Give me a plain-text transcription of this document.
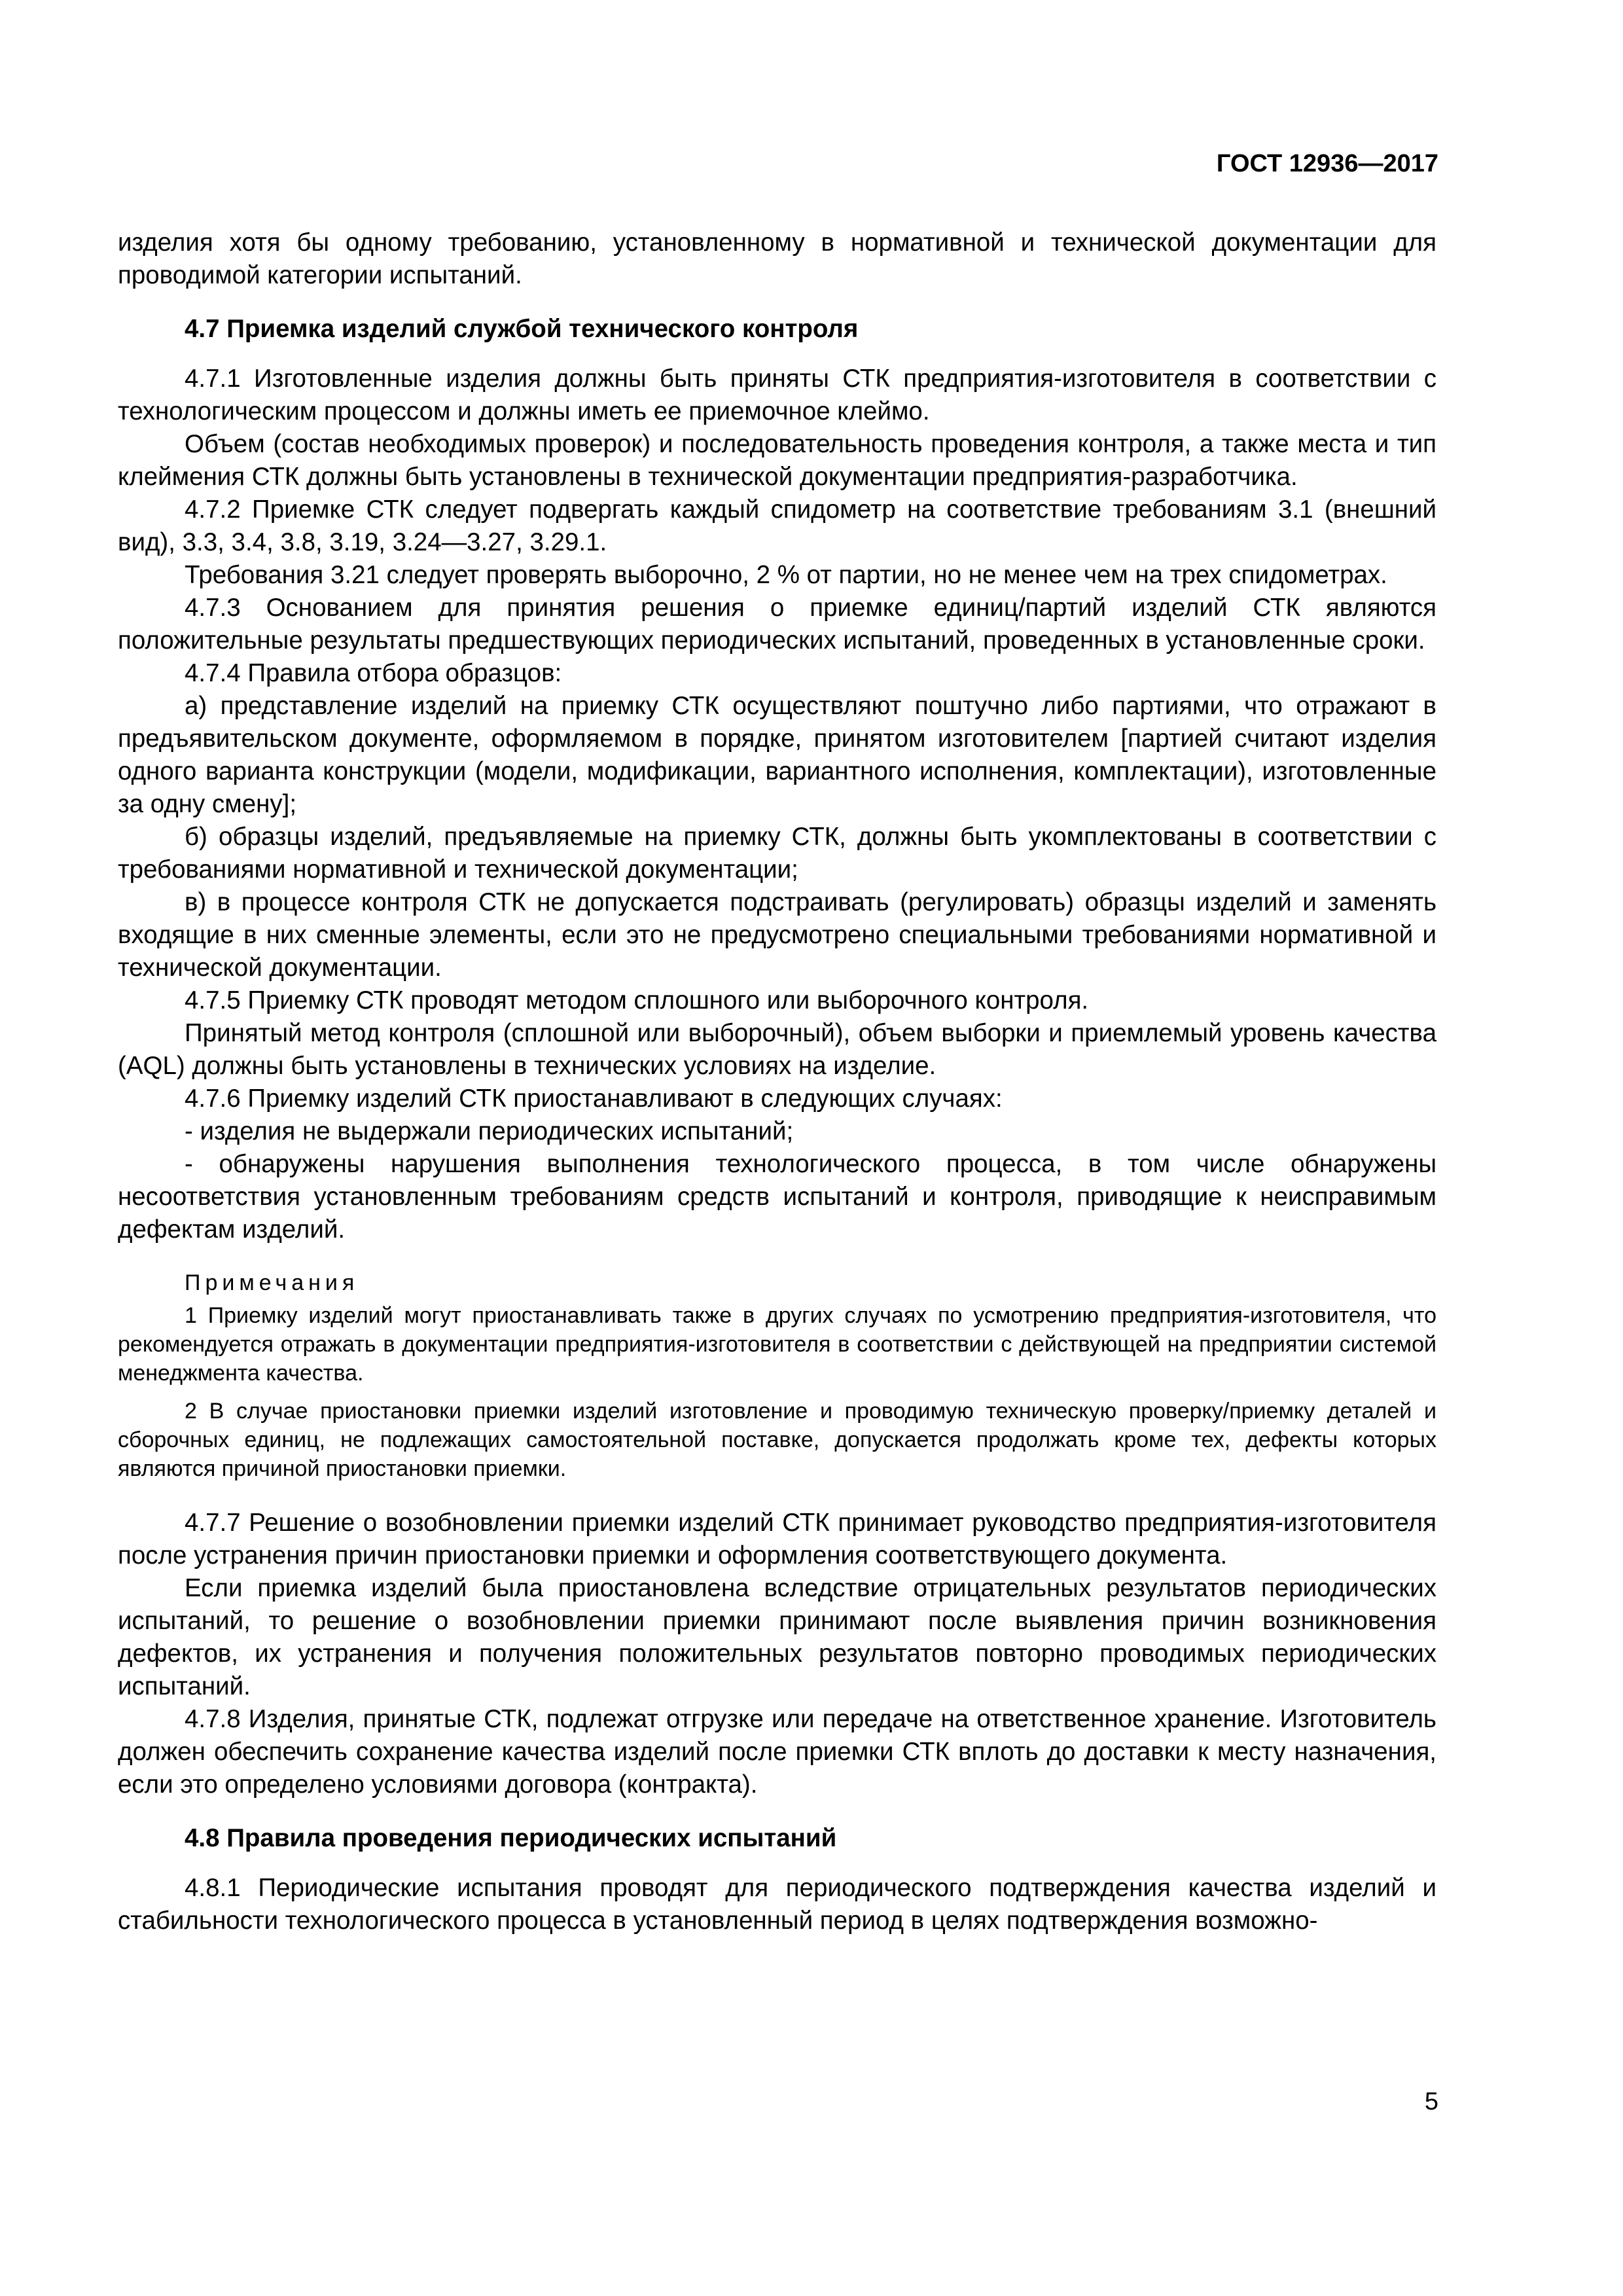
ГОСТ 12936—2017

изделия хотя бы одному требованию, установленному в нормативной и технической документации для проводимой категории испытаний.

4.7 Приемка изделий службой технического контроля

4.7.1 Изготовленные изделия должны быть приняты СТК предприятия-изготовителя в соответствии с технологическим процессом и должны иметь ее приемочное клеймо.

Объем (состав необходимых проверок) и последовательность проведения контроля, а также места и тип клеймения СТК должны быть установлены в технической документации предприятия-разработчика.

4.7.2 Приемке СТК следует подвергать каждый спидометр на соответствие требованиям 3.1 (внешний вид), 3.3, 3.4, 3.8, 3.19, 3.24—3.27, 3.29.1.

Требования 3.21 следует проверять выборочно, 2 % от партии, но не менее чем на трех спидометрах.

4.7.3 Основанием для принятия решения о приемке единиц/партий изделий СТК являются положительные результаты предшествующих периодических испытаний, проведенных в установленные сроки.

4.7.4 Правила отбора образцов:

а) представление изделий на приемку СТК осуществляют поштучно либо партиями, что отражают в предъявительском документе, оформляемом в порядке, принятом изготовителем [партией считают изделия одного варианта конструкции (модели, модификации, вариантного исполнения, комплектации), изготовленные за одну смену];

б) образцы изделий, предъявляемые на приемку СТК, должны быть укомплектованы в соответствии с требованиями нормативной и технической документации;

в) в процессе контроля СТК не допускается подстраивать (регулировать) образцы изделий и заменять входящие в них сменные элементы, если это не предусмотрено специальными требованиями нормативной и технической документации.

4.7.5 Приемку СТК проводят методом сплошного или выборочного контроля.

Принятый метод контроля (сплошной или выборочный), объем выборки и приемлемый уровень качества (AQL) должны быть установлены в технических условиях на изделие.

4.7.6 Приемку изделий СТК приостанавливают в следующих случаях:

- изделия не выдержали периодических испытаний;

- обнаружены нарушения выполнения технологического процесса, в том числе обнаружены несоответствия установленным требованиям средств испытаний и контроля, приводящие к неисправимым дефектам изделий.

Примечания

1 Приемку изделий могут приостанавливать также в других случаях по усмотрению предприятия-изготовителя, что рекомендуется отражать в документации предприятия-изготовителя в соответствии с действующей на предприятии системой менеджмента качества.

2 В случае приостановки приемки изделий изготовление и проводимую техническую проверку/приемку деталей и сборочных единиц, не подлежащих самостоятельной поставке, допускается продолжать кроме тех, дефекты которых являются причиной приостановки приемки.

4.7.7 Решение о возобновлении приемки изделий СТК принимает руководство предприятия-изготовителя после устранения причин приостановки приемки и оформления соответствующего документа.

Если приемка изделий была приостановлена вследствие отрицательных результатов периодических испытаний, то решение о возобновлении приемки принимают после выявления причин возникновения дефектов, их устранения и получения положительных результатов повторно проводимых периодических испытаний.

4.7.8 Изделия, принятые СТК, подлежат отгрузке или передаче на ответственное хранение. Изготовитель должен обеспечить сохранение качества изделий после приемки СТК вплоть до доставки к месту назначения, если это определено условиями договора (контракта).

4.8 Правила проведения периодических испытаний

4.8.1 Периодические испытания проводят для периодического подтверждения качества изделий и стабильности технологического процесса в установленный период в целях подтверждения возможно-

5
